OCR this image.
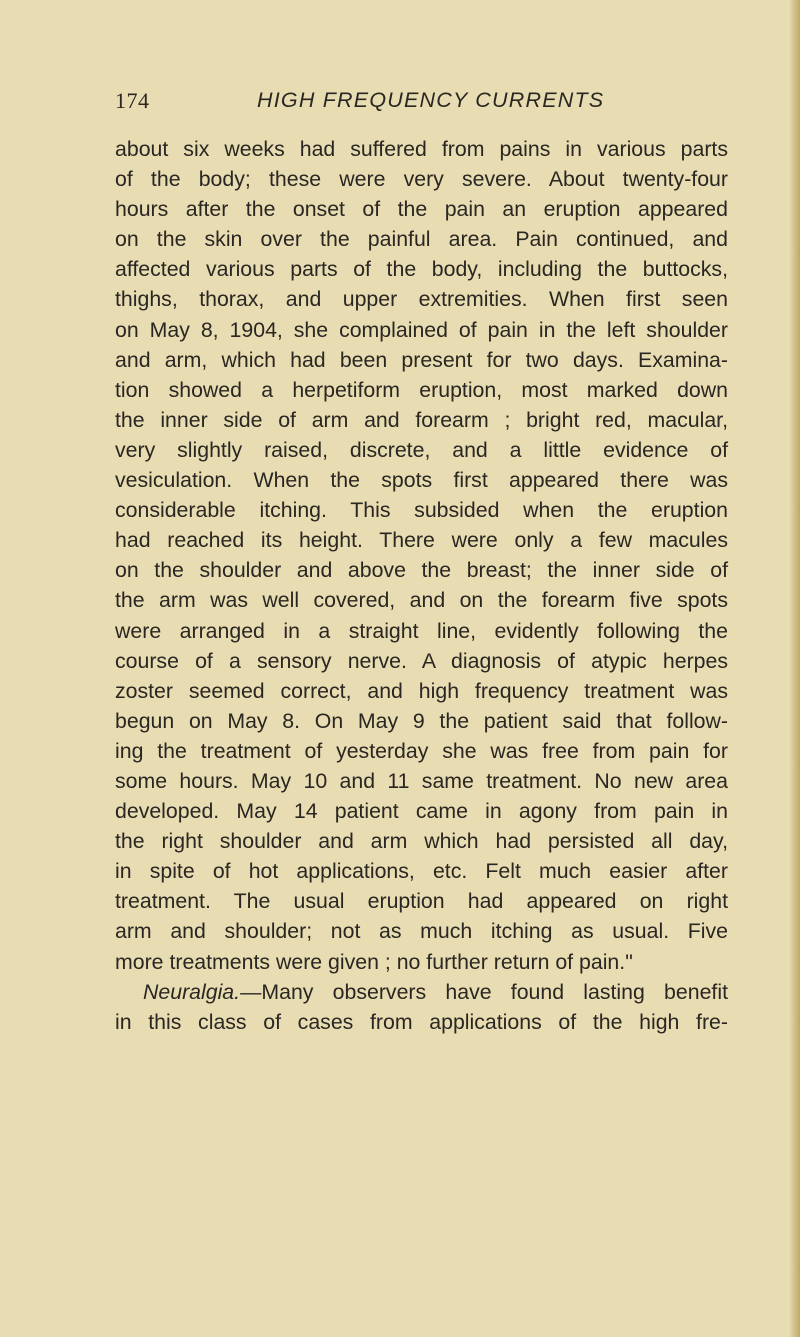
174	HIGH FREQUENCY CURRENTS
about six weeks had suffered from pains in various parts
of the body; these were very severe. About twenty-four
hours after the onset of the pain an eruption appeared
on the skin over the painful area. Pain continued, and
affected various parts of the body, including the buttocks,
thighs, thorax, and upper extremities. When first seen
on May 8, 1904, she complained of pain in the left shoulder
and arm, which had been present for two days. Examina-
tion showed a herpetiform eruption, most marked down
the inner side of arm and forearm ; bright red, macular,
very slightly raised, discrete, and a little evidence of
vesiculation. When the spots first appeared there was
considerable itching. This subsided when the eruption
had reached its height. There were only a few macules
on the shoulder and above the breast; the inner side of
the arm was well covered, and on the forearm five spots
were arranged in a straight line, evidently following the
course of a sensory nerve. A diagnosis of atypic herpes
zoster seemed correct, and high frequency treatment was
begun on May 8. On May 9 the patient said that follow-
ing the treatment of yesterday she was free from pain for
some hours. May 10 and 11 same treatment. No new area
developed. May 14 patient came in agony from pain in
the right shoulder and arm which had persisted all day,
in spite of hot applications, etc. Felt much easier after
treatment. The usual eruption had appeared on right
arm and shoulder; not as much itching as usual. Five
more treatments were given ; no further return of pain."
Neuralgia.—Many observers have found lasting benefit
in this class of cases from applications of the high fre-
